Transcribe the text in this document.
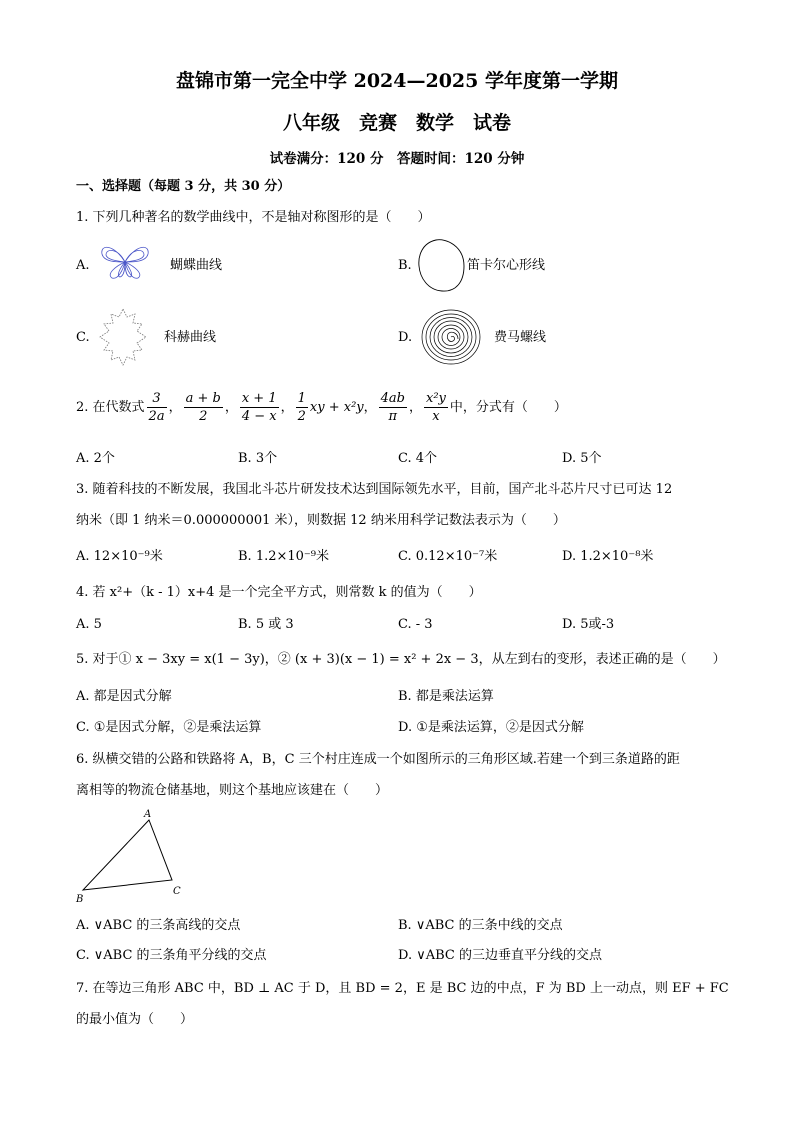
盘锦市第一完全中学 2024—2025 学年度第一学期
八年级　竞赛　数学　试卷
试卷满分：120 分　答题时间：120 分钟
一、选择题（每题 3 分，共 30 分）
1. 下列几种著名的数学曲线中，不是轴对称图形的是（　　）
A.	蝴蝶曲线	B.	笛卡尔心形线
C.	科赫曲线	D.	费马螺线
2. 在代数式 $\frac{3}{2a}$ ， $\frac{a + b}{2}$ ， $\frac{x + 1}{4 - x}$ ， $\frac{1}{2}$ xy + x²y， $\frac{4ab}{\pi}$ ， $\frac{\text{x²y}}{x}$ 中，分式有（　　）
A. 2个	B. 3个	C. 4个	D. 5个
3. 随着科技的不断发展，我国北斗芯片研发技术达到国际领先水平，目前，国产北斗芯片尺寸已可达 12
纳米（即 1 纳米＝0.000000001 米），则数据 12 纳米用科学记数法表示为（　　）
A. 12×10⁻⁹米	B. 1.2×10⁻⁹米	C. 0.12×10⁻⁷米	D. 1.2×10⁻⁸米
4. 若 x²+（k - 1）x+4 是一个完全平方式，则常数 k 的值为（　　）
A. 5	B. 5 或 3	C. - 3	D. 5或-3
5. 对于① x − 3xy = x(1 − 3y)，② (x + 3)(x − 1) = x² + 2x − 3，从左到右的变形，表述正确的是（　　）
A. 都是因式分解	B. 都是乘法运算
C. ①是因式分解，②是乘法运算	D. ①是乘法运算，②是因式分解
6. 纵横交错的公路和铁路将 A，B，C 三个村庄连成一个如图所示的三角形区域.若建一个到三条道路的距
离相等的物流仓储基地，则这个基地应该建在（　　）
A
B
C
A. ∨ABC 的三条高线的交点	B. ∨ABC 的三条中线的交点
C. ∨ABC 的三条角平分线的交点	D. ∨ABC 的三边垂直平分线的交点
7. 在等边三角形 ABC 中，BD ⊥ AC 于 D，且 BD = 2，E 是 BC 边的中点，F 为 BD 上一动点，则 EF + FC
的最小值为（　　）
